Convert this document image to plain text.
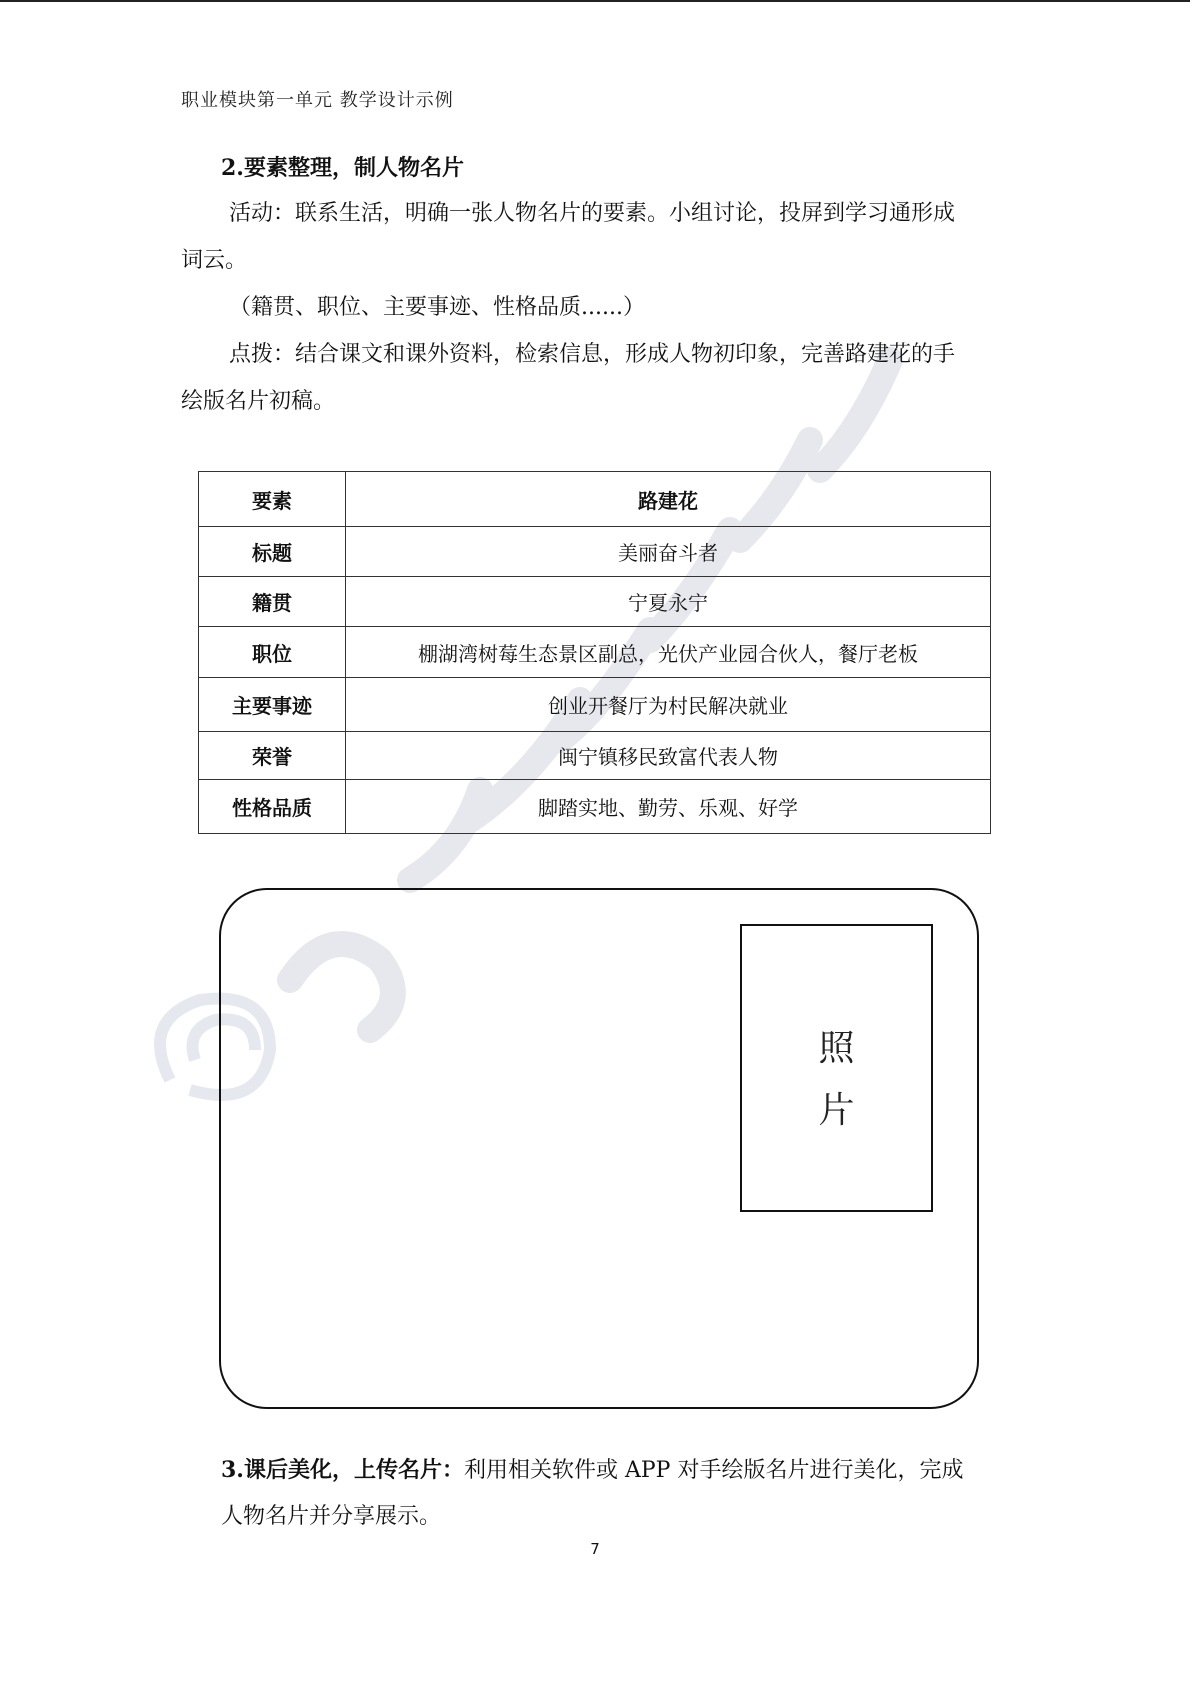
职业模块第一单元 教学设计示例

2.要素整理，制人物名片

活动：联系生活，明确一张人物名片的要素。小组讨论，投屏到学习通形成

词云。

（籍贯、职位、主要事迹、性格品质......）

点拨：结合课文和课外资料，检索信息，形成人物初印象，完善路建花的手

绘版名片初稿。

要素	路建花
标题	美丽奋斗者
籍贯	宁夏永宁
职位	棚湖湾树莓生态景区副总，光伏产业园合伙人，餐厅老板
主要事迹	创业开餐厅为村民解决就业
荣誉	闽宁镇移民致富代表人物
性格品质	脚踏实地、勤劳、乐观、好学
照
片

3.课后美化，上传名片：利用相关软件或 APP 对手绘版名片进行美化，完成

人物名片并分享展示。

7
